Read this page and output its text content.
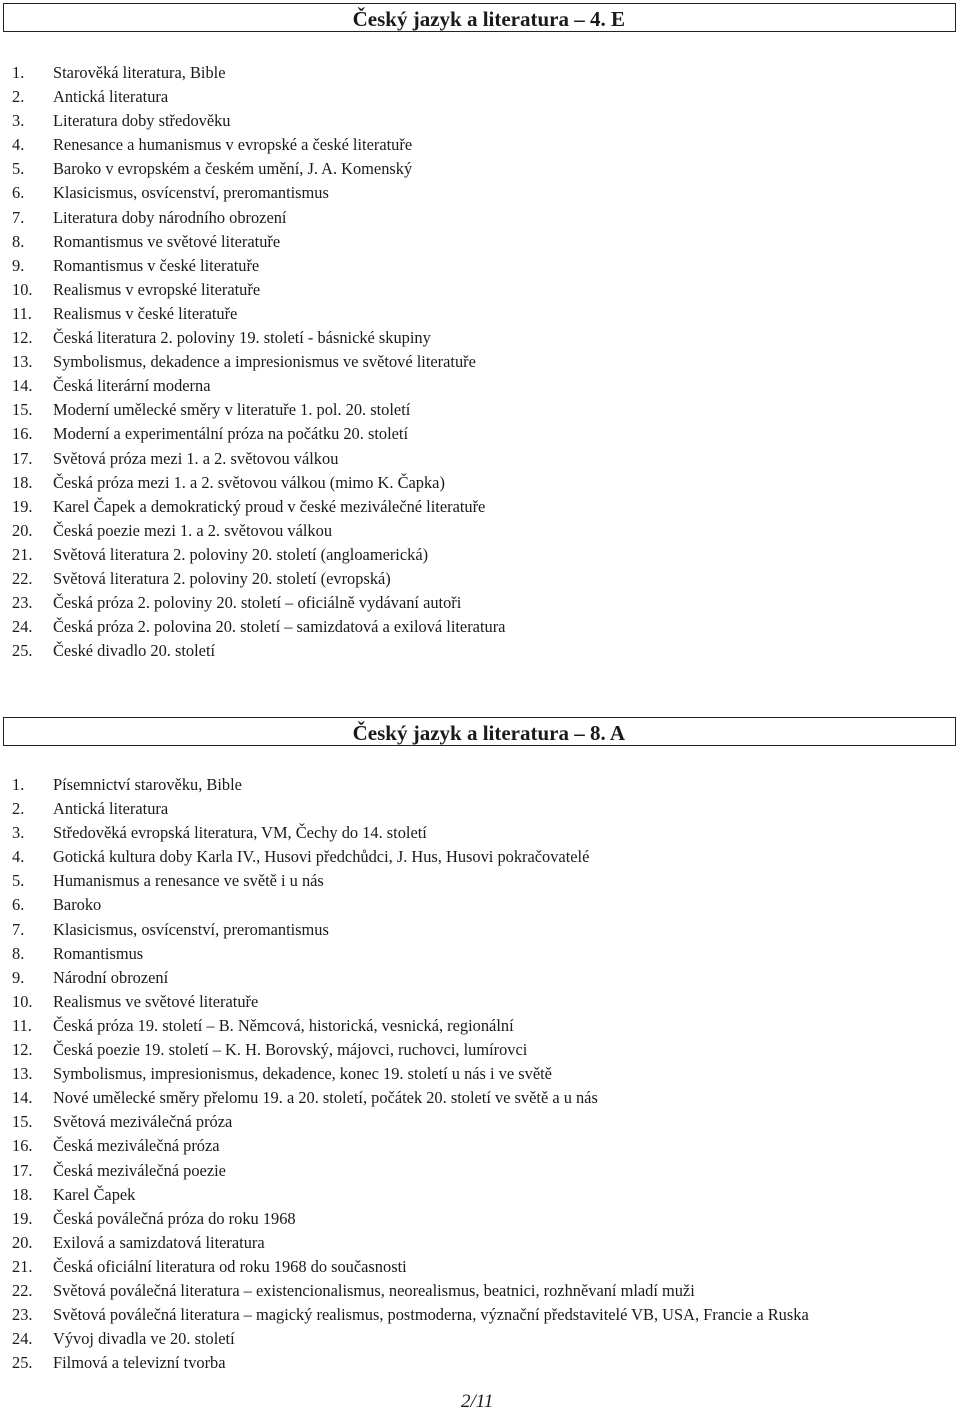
Český jazyk a literatura – 4. E
1. Starověká literatura, Bible
2. Antická literatura
3. Literatura doby středověku
4. Renesance a humanismus v evropské a české literatuře
5. Baroko v evropském a českém umění, J. A. Komenský
6. Klasicismus, osvícenství, preromantismus
7. Literatura doby národního obrození
8. Romantismus ve světové literatuře
9. Romantismus v české literatuře
10. Realismus v evropské literatuře
11. Realismus v české literatuře
12. Česká literatura 2. poloviny 19. století - básnické skupiny
13. Symbolismus, dekadence a impresionismus ve světové literatuře
14. Česká literární moderna
15. Moderní umělecké směry v literatuře 1. pol. 20. století
16. Moderní a experimentální próza na počátku 20. století
17. Světová próza mezi 1. a 2. světovou válkou
18. Česká próza mezi 1. a 2. světovou válkou (mimo K. Čapka)
19. Karel Čapek a demokratický proud v české meziválečné literatuře
20. Česká poezie mezi 1. a 2. světovou válkou
21. Světová literatura 2. poloviny 20. století (angloamerická)
22. Světová literatura 2. poloviny 20. století (evropská)
23. Česká próza 2. poloviny 20. století – oficiálně vydávaní autoři
24. Česká próza 2. polovina 20. století – samizdatová a exilová literatura
25. České divadlo 20. století
Český jazyk a literatura – 8. A
1. Písemnictví starověku, Bible
2. Antická literatura
3. Středověká evropská literatura, VM, Čechy do 14. století
4. Gotická kultura doby Karla IV., Husovi předchůdci, J. Hus, Husovi pokračovatelé
5. Humanismus a renesance ve světě i u nás
6. Baroko
7. Klasicismus, osvícenství, preromantismus
8. Romantismus
9. Národní obrození
10. Realismus ve světové literatuře
11. Česká próza 19. století – B. Němcová, historická, vesnická, regionální
12. Česká poezie 19. století – K. H. Borovský, májovci, ruchovci, lumírovci
13. Symbolismus, impresionismus, dekadence, konec 19. století u nás i ve světě
14. Nové umělecké směry přelomu 19. a 20. století, počátek 20. století ve světě a u nás
15. Světová meziválečná próza
16. Česká meziválečná próza
17. Česká meziválečná poezie
18. Karel Čapek
19. Česká poválečná próza do roku 1968
20. Exilová a samizdatová literatura
21. Česká oficiální literatura od roku 1968 do současnosti
22. Světová poválečná literatura – existencionalismus, neorealismus, beatnici, rozhněvaní mladí muži
23. Světová poválečná literatura – magický realismus, postmoderna, význační představitelé VB, USA, Francie a Ruska
24. Vývoj divadla ve 20. století
25. Filmová a televizní tvorba
2/11
